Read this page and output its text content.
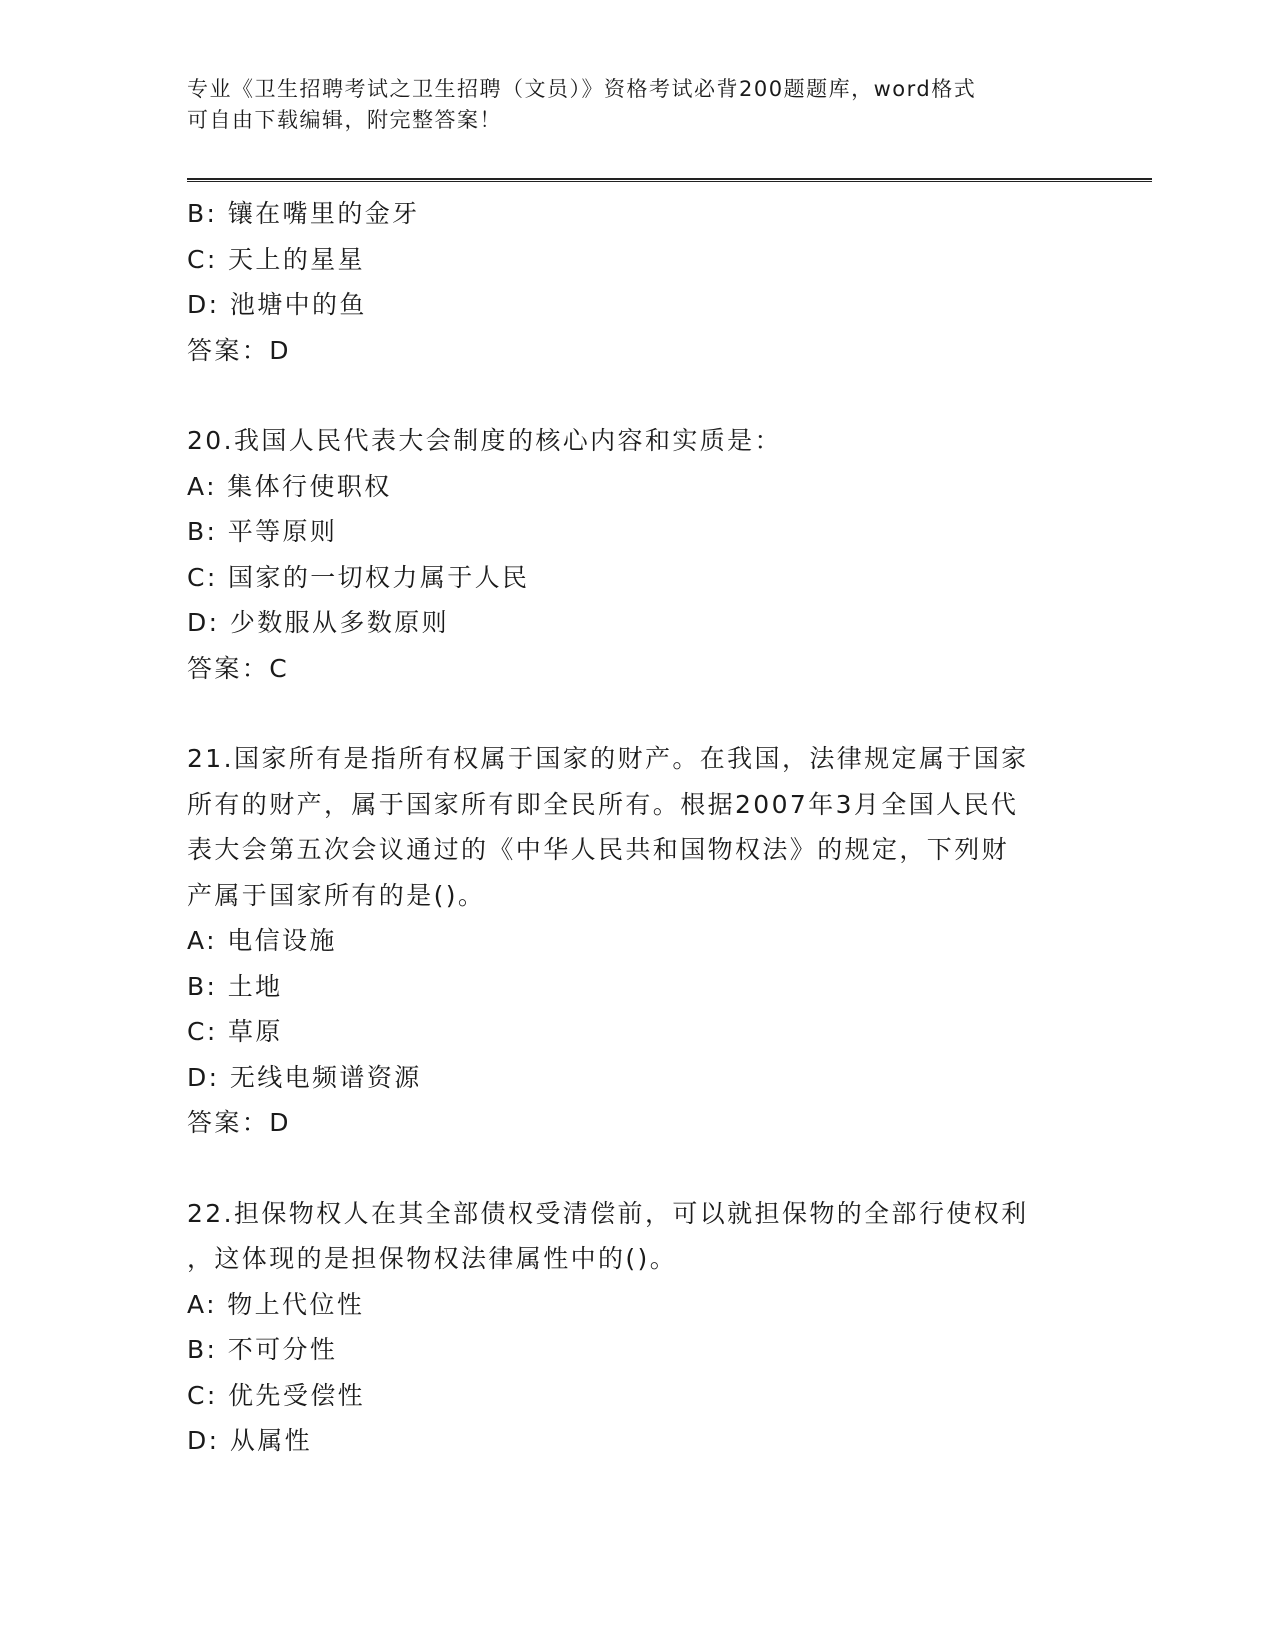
专业《卫生招聘考试之卫生招聘（文员）》资格考试必背200题题库，word格式
可自由下载编辑，附完整答案！
B: 镶在嘴里的金牙
C: 天上的星星
D: 池塘中的鱼
答案：D
20.我国人民代表大会制度的核心内容和实质是：
A: 集体行使职权
B: 平等原则
C: 国家的一切权力属于人民
D: 少数服从多数原则
答案：C
21.国家所有是指所有权属于国家的财产。在我国，法律规定属于国家
所有的财产，属于国家所有即全民所有。根据2007年3月全国人民代
表大会第五次会议通过的《中华人民共和国物权法》的规定，下列财
产属于国家所有的是()。
A: 电信设施
B: 土地
C: 草原
D: 无线电频谱资源
答案：D
22.担保物权人在其全部债权受清偿前，可以就担保物的全部行使权利
，这体现的是担保物权法律属性中的()。
A: 物上代位性
B: 不可分性
C: 优先受偿性
D: 从属性
